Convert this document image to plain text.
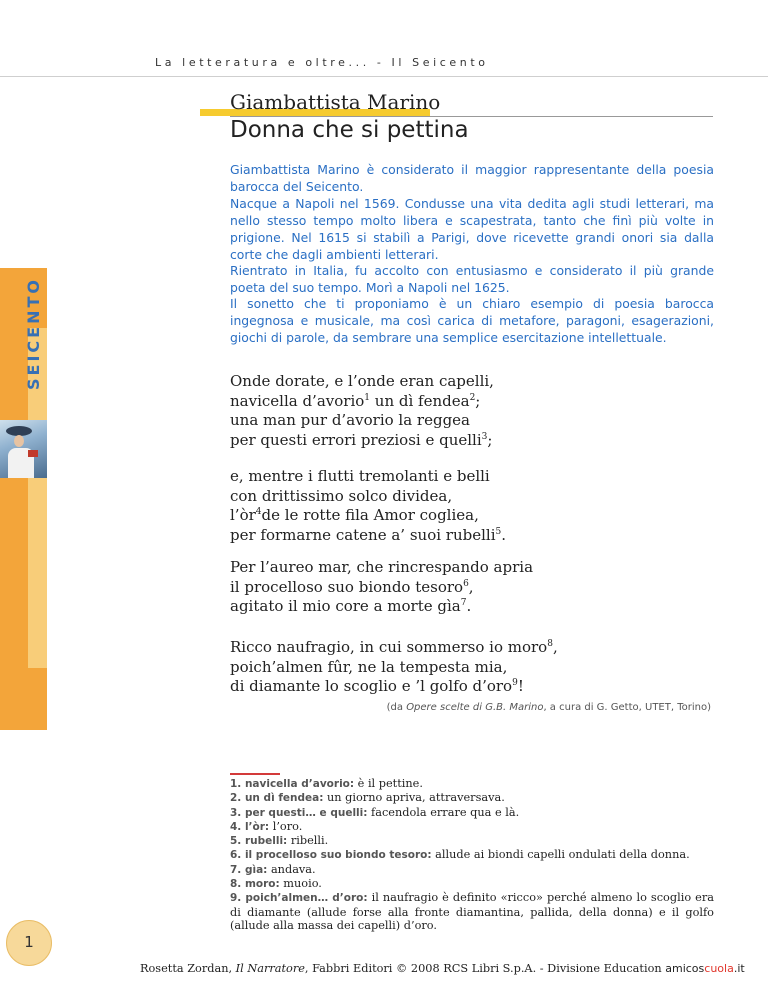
La letteratura e oltre... - Il Seicento
SEICENTO
Giambattista Marino
Donna che si pettina

Giambattista Marino è considerato il maggior rappresentante della poesia barocca del Seicento.

Nacque a Napoli nel 1569. Condusse una vita dedita agli studi letterari, ma nello stesso tempo molto libera e scapestrata, tanto che finì più volte in prigione. Nel 1615 si stabilì a Parigi, dove ricevette grandi onori sia dalla corte che dagli ambienti letterari.

Rientrato in Italia, fu accolto con entusiasmo e considerato il più grande poeta del suo tempo. Morì a Napoli nel 1625.

Il sonetto che ti proponiamo è un chiaro esempio di poesia barocca ingegnosa e musicale, ma così carica di metafore, paragoni, esagerazioni, giochi di parole, da sembrare una semplice esercitazione intellettuale.
Onde dorate, e l’onde eran capelli,
navicella d’avorio$^1$ un dì fendea$^2$;
una man pur d’avorio la reggea
per questi errori preziosi e quelli$^3$;
e, mentre i flutti tremolanti e belli
con drittissimo solco dividea,
$l’òr^4de$ le rotte fila Amor cogliea,
per formarne catene a’ suoi rubelli$^5$.
Per l’aureo mar, che rincrespando apria
il procelloso suo biondo tesoro$^6$,
agitato il mio core a morte gìa$^7$.
Ricco naufragio, in cui sommerso io moro$^8$,
poich’almen fûr, ne la tempesta mia,
di diamante lo scoglio e ’l golfo d’oro$^9$!
(da Opere scelte di G.B. Marino, a cura di G. Getto, UTET, Torino)
1. navicella d’avorio: è il pettine.
2. un dì fendea: un giorno apriva, attraversava.
3. per questi… e quelli: facendola errare qua e là.
4. l’òr: l’oro.
5. rubelli: ribelli.
6. il procelloso suo biondo tesoro: allude ai biondi capelli ondulati della donna.
7. gìa: andava.
8. moro: muoio.
9. poich’almen… d’oro: il naufragio è definito «ricco» perché almeno lo scoglio era di diamante (allude forse alla fronte diamantina, pallida, della donna) e il golfo (allude alla massa dei capelli) d’oro.
1
Rosetta Zordan, Il Narratore, Fabbri Editori © 2008 RCS Libri S.p.A. - Divisione Education amicoscuola.it
